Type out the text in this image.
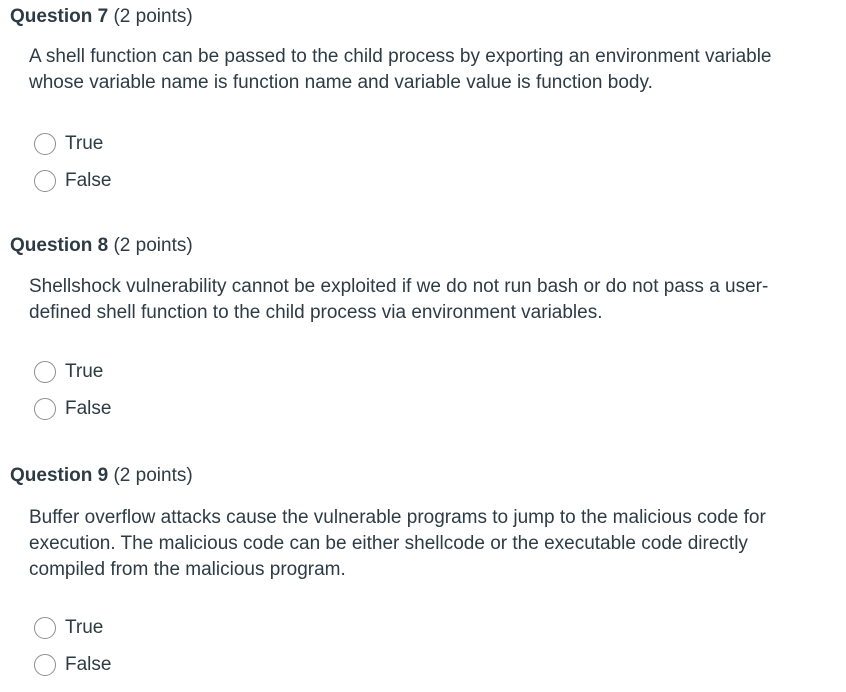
Question 7 (2 points)
A shell function can be passed to the child process by exporting an environment variable whose variable name is function name and variable value is function body.
True
False
Question 8 (2 points)
Shellshock vulnerability cannot be exploited if we do not run bash or do not pass a user-defined shell function to the child process via environment variables.
True
False
Question 9 (2 points)
Buffer overflow attacks cause the vulnerable programs to jump to the malicious code for execution. The malicious code can be either shellcode or the executable code directly compiled from the malicious program.
True
False
